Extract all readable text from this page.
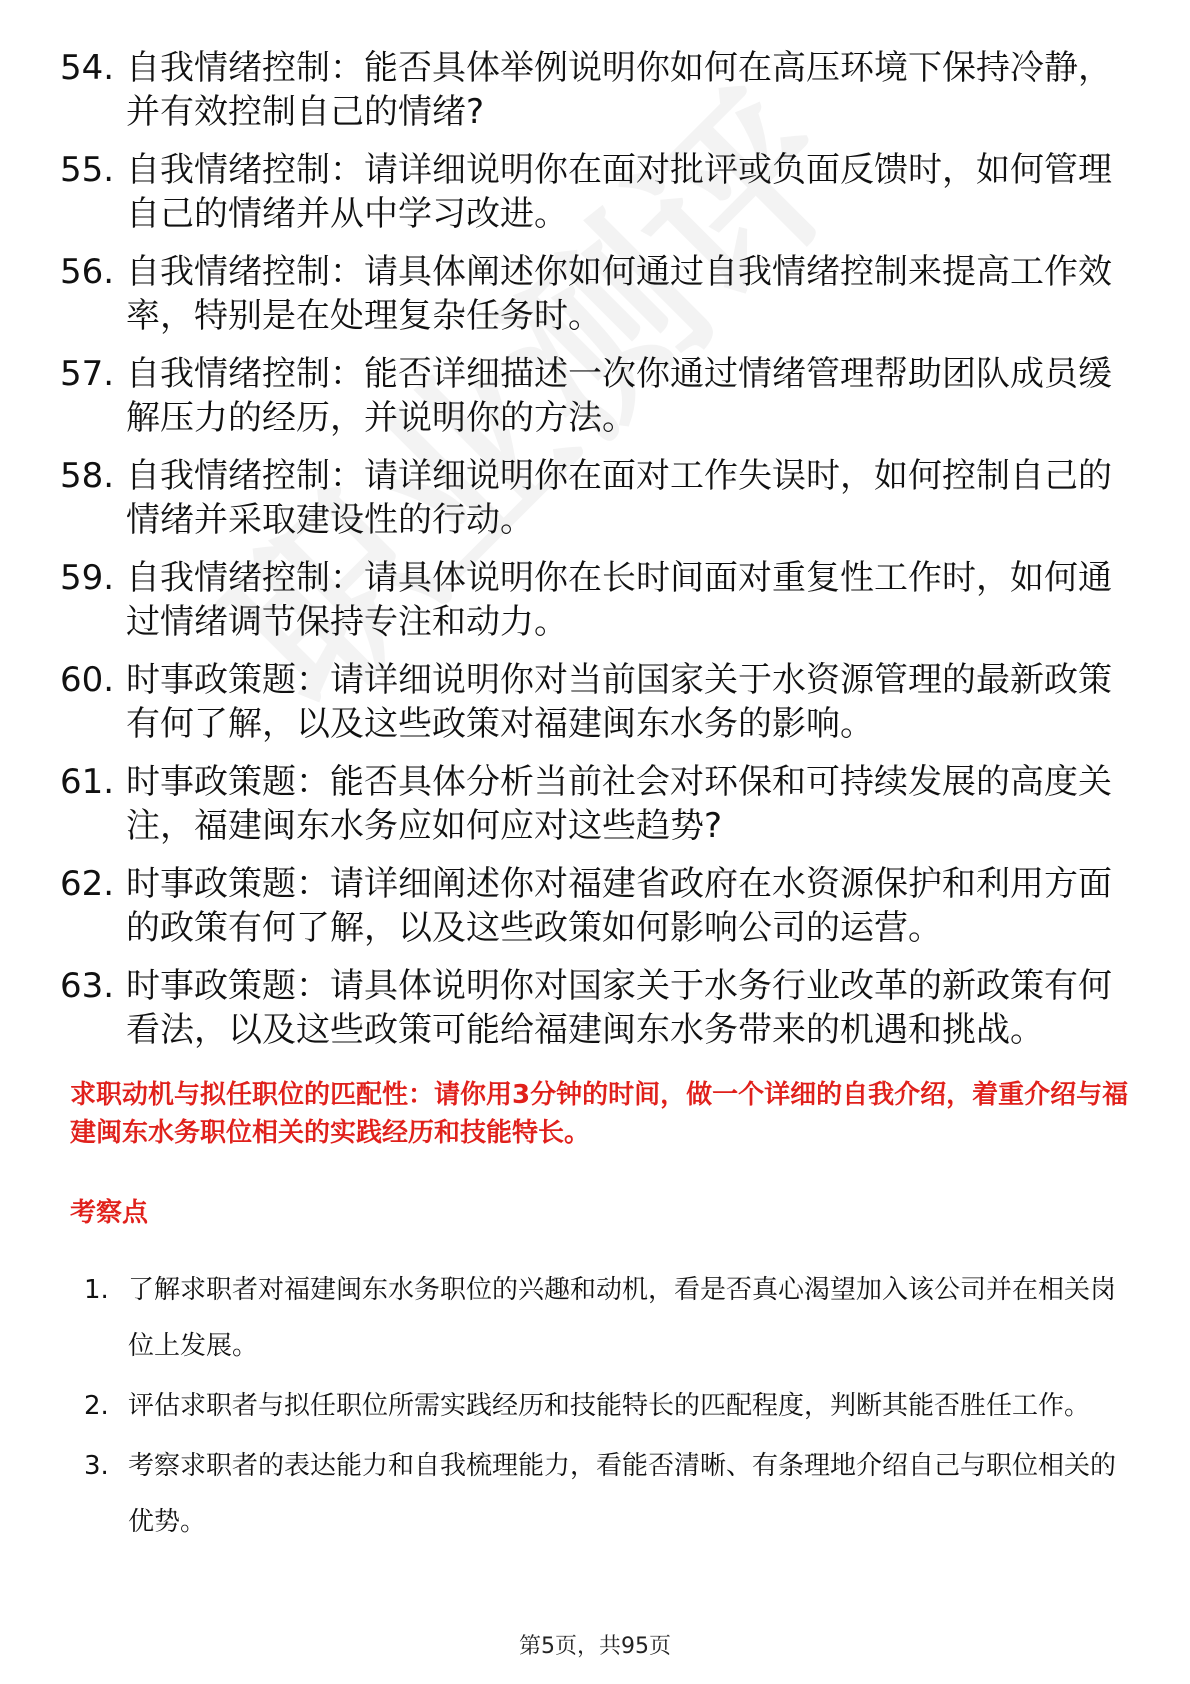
54. 自我情绪控制：能否具体举例说明你如何在高压环境下保持冷静，并有效控制自己的情绪?
55. 自我情绪控制：请详细说明你在面对批评或负面反馈时，如何管理自己的情绪并从中学习改进。
56. 自我情绪控制：请具体阐述你如何通过自我情绪控制来提高工作效率，特别是在处理复杂任务时。
57. 自我情绪控制：能否详细描述一次你通过情绪管理帮助团队成员缓解压力的经历，并说明你的方法。
58. 自我情绪控制：请详细说明你在面对工作失误时，如何控制自己的情绪并采取建设性的行动。
59. 自我情绪控制：请具体说明你在长时间面对重复性工作时，如何通过情绪调节保持专注和动力。
60. 时事政策题：请详细说明你对当前国家关于水资源管理的最新政策有何了解，以及这些政策对福建闽东水务的影响。
61. 时事政策题：能否具体分析当前社会对环保和可持续发展的高度关注，福建闽东水务应如何应对这些趋势?
62. 时事政策题：请详细阐述你对福建省政府在水资源保护和利用方面的政策有何了解，以及这些政策如何影响公司的运营。
63. 时事政策题：请具体说明你对国家关于水务行业改革的新政策有何看法，以及这些政策可能给福建闽东水务带来的机遇和挑战。
求职动机与拟任职位的匹配性：请你用3分钟的时间，做一个详细的自我介绍，着重介绍与福建闽东水务职位相关的实践经历和技能特长。
考察点
1. 了解求职者对福建闽东水务职位的兴趣和动机，看是否真心渴望加入该公司并在相关岗位上发展。
2. 评估求职者与拟任职位所需实践经历和技能特长的匹配程度，判断其能否胜任工作。
3. 考察求职者的表达能力和自我梳理能力，看能否清晰、有条理地介绍自己与职位相关的优势。
第5页，共95页
